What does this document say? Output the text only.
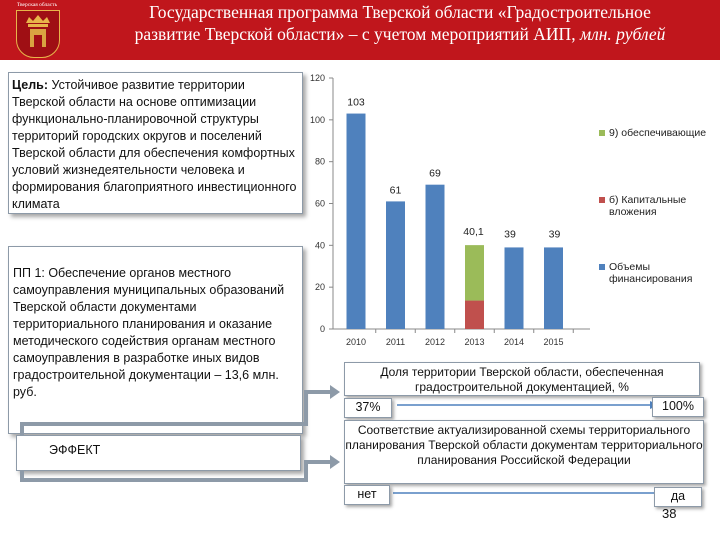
Тверская область	Государственная программа Тверской области «Градостроительное
развитие Тверской области» – с учетом мероприятий АИП, млн. рублей
Цель: Устойчивое развитие территории Тверской области на основе оптимизации функционально-планировочной структуры территорий городских округов и поселений Тверской области для обеспечения комфортных условий жизнедеятельности человека и формирования благоприятного инвестиционного климата
ПП 1: Обеспечение органов местного самоуправления муниципальных образований Тверской области документами территориального планирования и оказание методического содействия органам местного самоуправления в разработке иных видов градостроительной документации – 13,6 млн. руб.
ЭФФЕКТ
0
20
40
60
80
100
120
2010 2011 2012 2013 2014 2015
103
61
69
40,1 39	39
9) обеспечивающие
б) Капитальные вложения
Объемы финансирования
Доля территории Тверской области, обеспеченная градостроительной документацией, %
37%	100%
Соответствие актуализированной схемы территориального планирования Тверской области документам территориального планирования Российской Федерации
нет	да
38
